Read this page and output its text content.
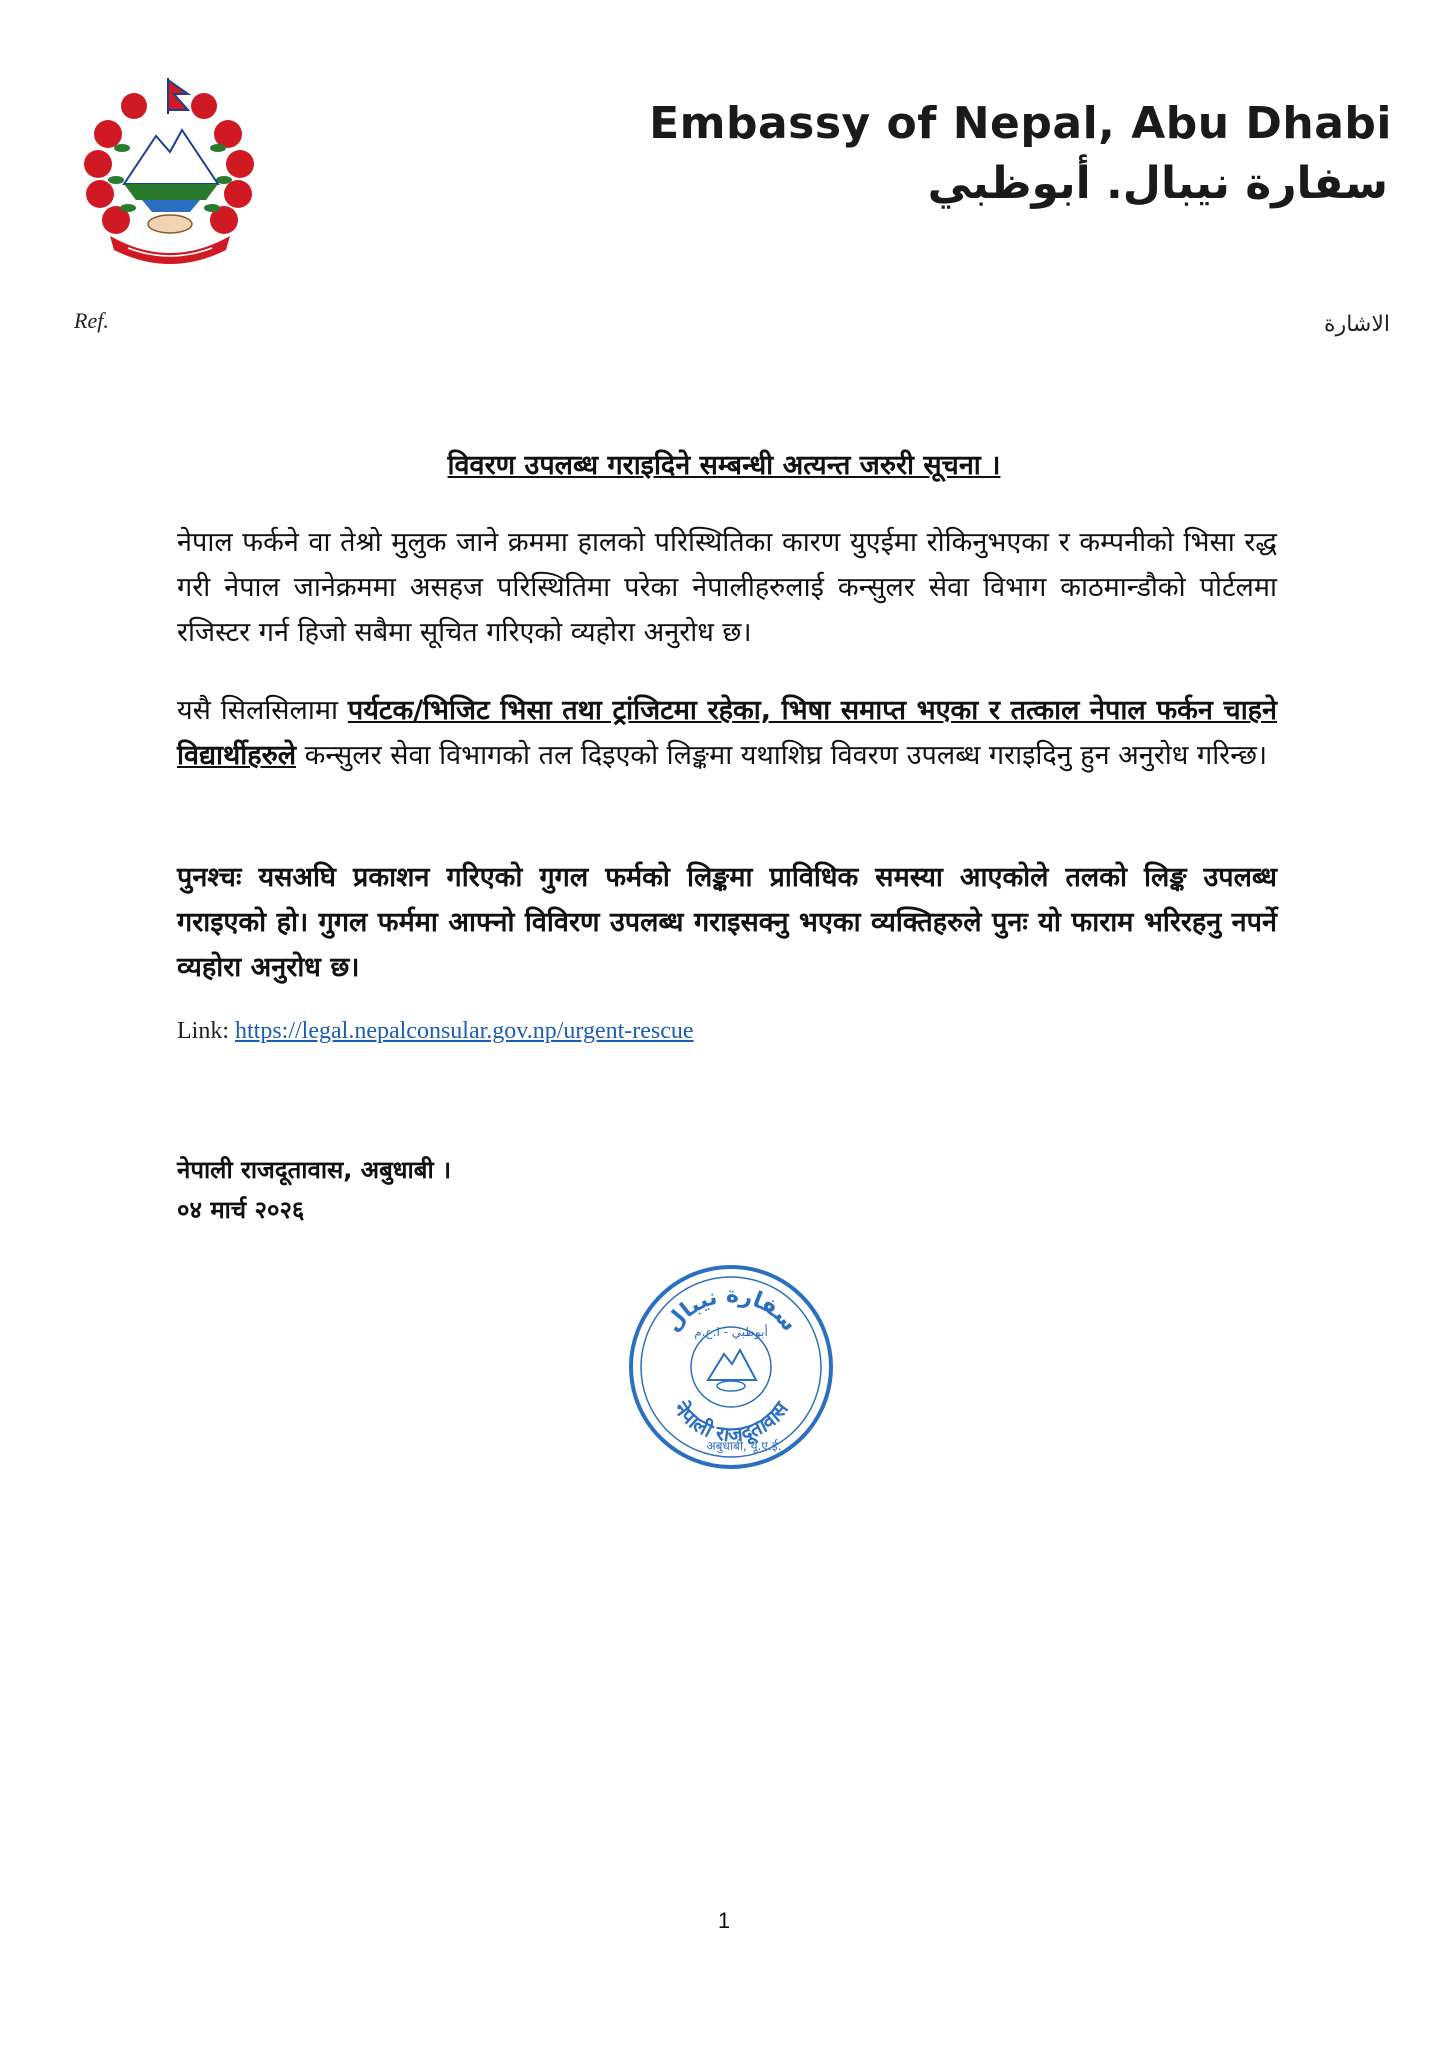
Embassy of Nepal, Abu Dhabi
سفارة نيبال. أبوظبي
Ref.	الاشارة
विवरण उपलब्ध गराइदिने सम्बन्धी अत्यन्त जरुरी सूचना ।
नेपाल फर्कने वा तेश्रो मुलुक जाने क्रममा हालको परिस्थितिका कारण युएईमा रोकिनुभएका र कम्पनीको भिसा रद्ध गरी नेपाल जानेक्रममा असहज परिस्थितिमा परेका नेपालीहरुलाई कन्सुलर सेवा विभाग काठमान्डौको पोर्टलमा रजिस्टर गर्न हिजो सबैमा सूचित गरिएको व्यहोरा अनुरोध छ।
यसै सिलसिलामा पर्यटक/भिजिट भिसा तथा ट्रांजिटमा रहेका, भिषा समाप्त भएका र तत्काल नेपाल फर्कन चाहने विद्यार्थीहरुले कन्सुलर सेवा विभागको तल दिइएको लिङ्कमा यथाशिघ्र विवरण उपलब्ध गराइदिनु हुन अनुरोध गरिन्छ।
पुनश्चः यसअघि प्रकाशन गरिएको गुगल फर्मको लिङ्कमा प्राविधिक समस्या आएकोले तलको लिङ्क उपलब्ध गराइएको हो। गुगल फर्ममा आफ्नो विविरण उपलब्ध गराइसक्नु भएका व्यक्तिहरुले पुनः यो फाराम भरिरहनु नपर्ने व्यहोरा अनुरोध छ।
Link: https://legal.nepalconsular.gov.np/urgent-rescue
नेपाली राजदूतावास, अबुधाबी ।
०४ मार्च २०२६
سفارة نيبال
أبوظبي - ا.ع.م
नेपाली राजदूतावास
अबुधाबी, यू.ए.ई.
1
